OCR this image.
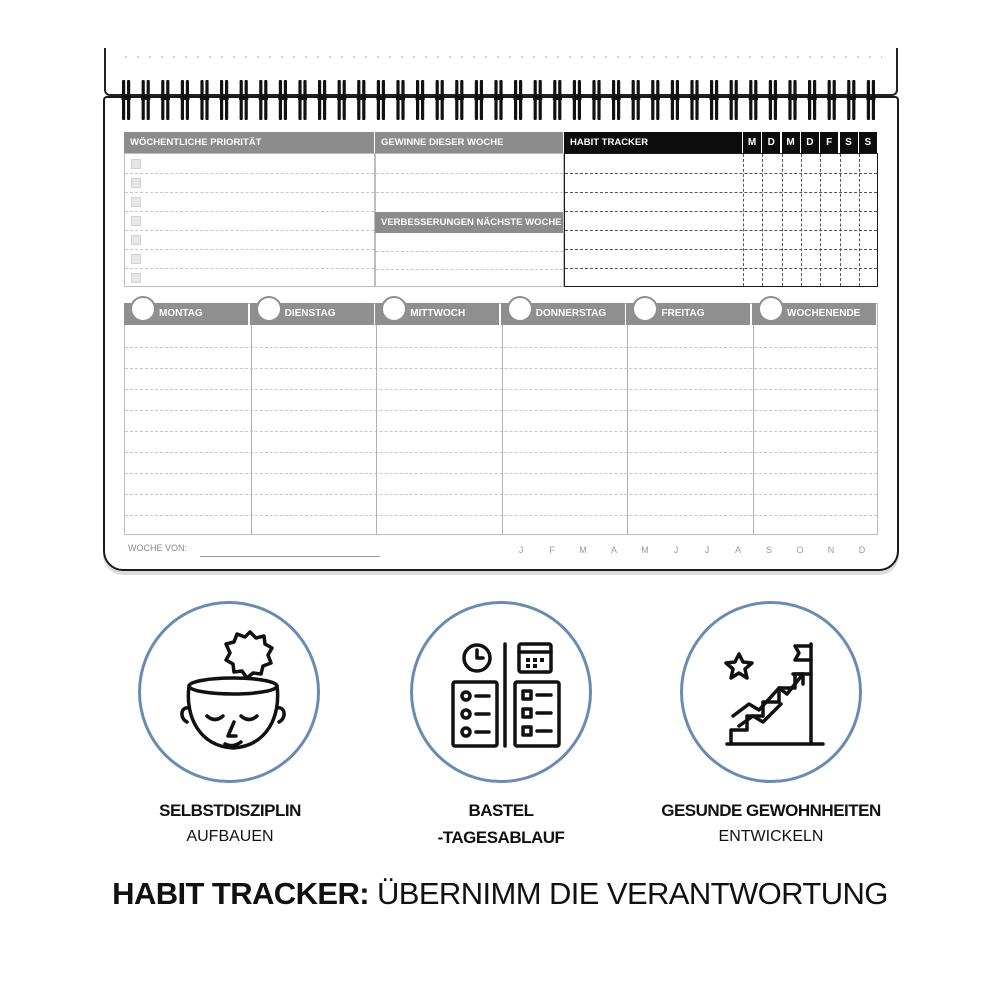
WÖCHENTLICHE PRIORITÄT	GEWINNE DIESER WOCHE
VERBESSERUNGEN NÄCHSTE WOCHE
HABIT TRACKER	M	D	M	D	F	S	S
MONTAG	DIENSTAG	MITTWOCH	DONNERSTAG	FREITAG	WOCHENENDE
WOCHE VON:	J	F	M	A	M	J	J	A	S	O	N	D
SELBSTDISZIPLIN
AUFBAUEN
BASTEL
-TAGESABLAUF
GESUNDE GEWOHNHEITEN
ENTWICKELN
HABIT TRACKER: ÜBERNIMM DIE VERANTWORTUNG
